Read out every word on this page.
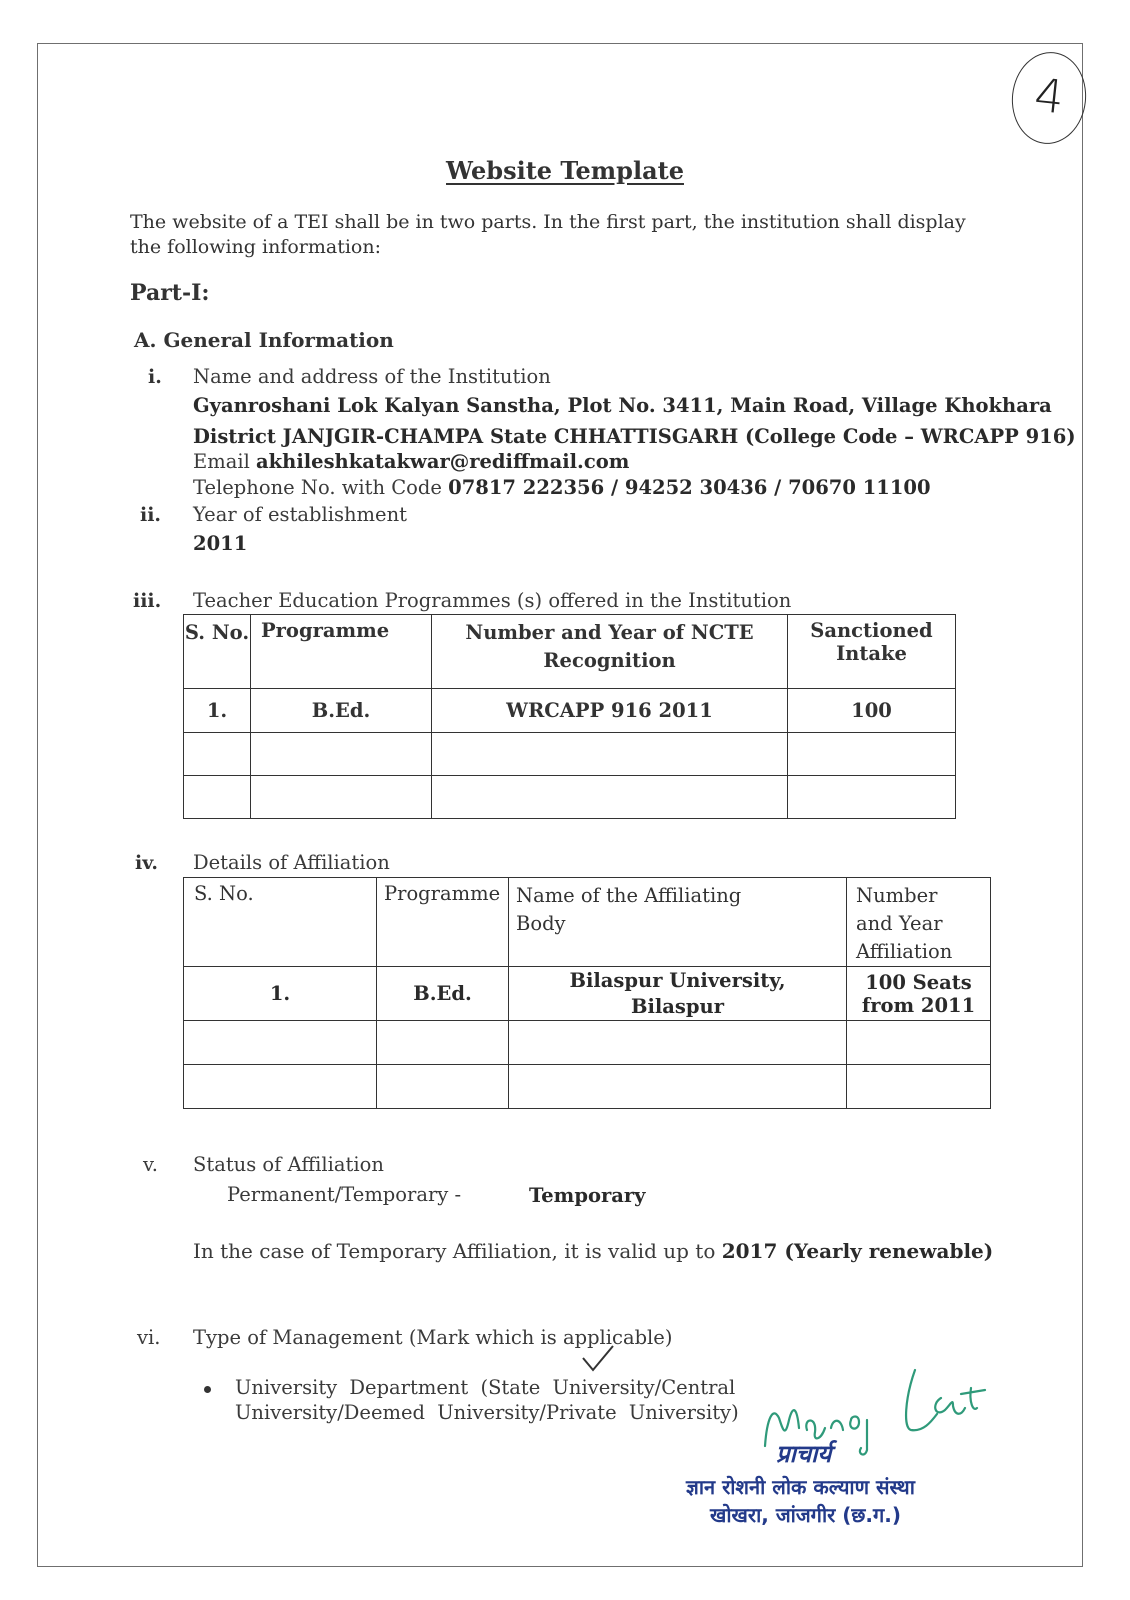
4
Website Template
The website of a TEI shall be in two parts. In the first part, the institution shall display the following information:
Part-I:
A. General Information
i. Name and address of the Institution
Gyanroshani Lok Kalyan Sanstha, Plot No. 3411, Main Road, Village Khokhara
District JANJGIR-CHAMPA State CHHATTISGARH (College Code – WRCAPP 916)
Email akhileshkatakwar@rediffmail.com
Telephone No. with Code 07817 222356 / 94252 30436 / 70670 11100
ii. Year of establishment
2011
iii. Teacher Education Programmes (s) offered in the Institution
S. No.	Programme	Number and Year of NCTE Recognition	Sanctioned Intake
1.	B.Ed.	WRCAPP 916 2011	100

iv. Details of Affiliation
S. No.	Programme	Name of the Affiliating Body	Number and Year Affiliation
1.	B.Ed.	Bilaspur University, Bilaspur	100 Seats from 2011

v. Status of Affiliation
Permanent/Temporary -	Temporary
In the case of Temporary Affiliation, it is valid up to 2017 (Yearly renewable)
vi. Type of Management (Mark which is applicable)
University Department (State University/Central University/Deemed University/Private University)
प्राचार्य
ज्ञान रोशनी लोक कल्याण संस्था
खोखरा, जांजगीर (छ.ग.)
